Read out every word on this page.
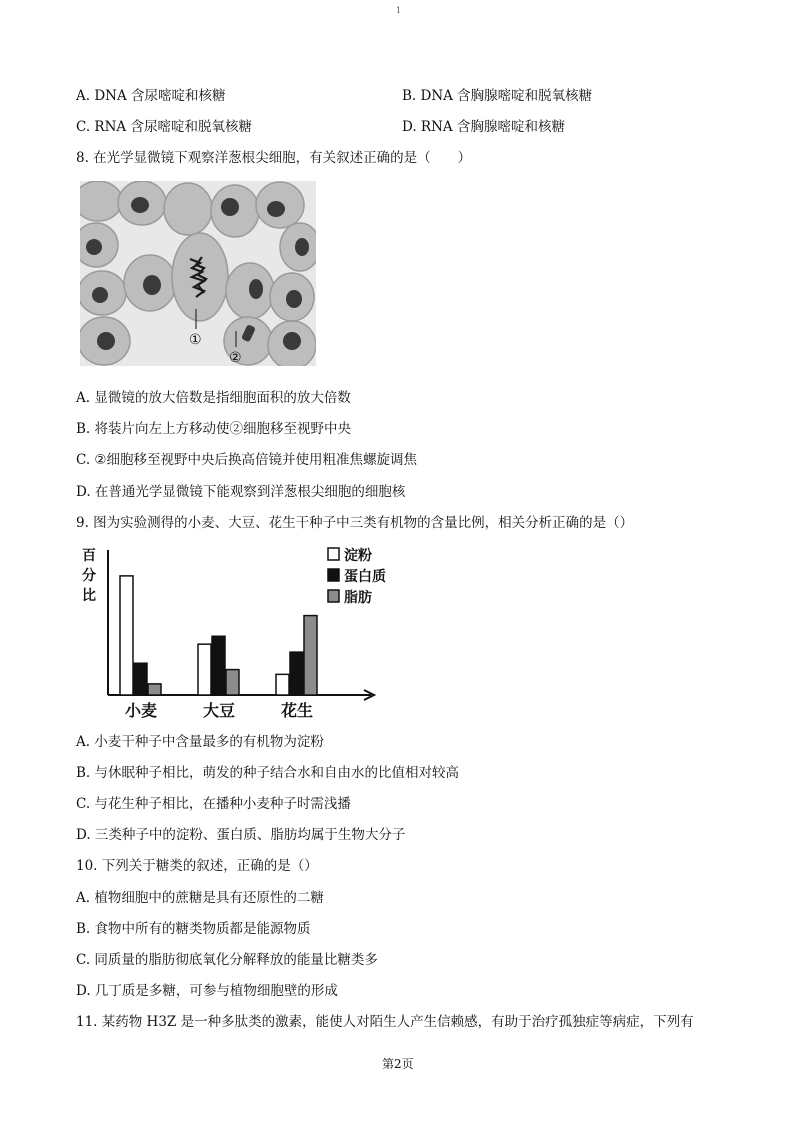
1
A. DNA 含尿嘧啶和核糖	B. DNA 含胸腺嘧啶和脱氧核糖
C. RNA 含尿嘧啶和脱氧核糖	D. RNA 含胸腺嘧啶和核糖
8. 在光学显微镜下观察洋葱根尖细胞，有关叙述正确的是（　　）
①
②
A. 显微镜的放大倍数是指细胞面积的放大倍数
B. 将装片向左上方移动使②细胞移至视野中央
C. ②细胞移至视野中央后换高倍镜并使用粗准焦螺旋调焦
D. 在普通光学显微镜下能观察到洋葱根尖细胞的细胞核
9. 图为实验测得的小麦、大豆、花生干种子中三类有机物的含量比例，相关分析正确的是（）
百
分
比
小麦	大豆	花生
淀粉
蛋白质
脂肪
A. 小麦干种子中含量最多的有机物为淀粉
B. 与休眠种子相比，萌发的种子结合水和自由水的比值相对较高
C. 与花生种子相比，在播种小麦种子时需浅播
D. 三类种子中的淀粉、蛋白质、脂肪均属于生物大分子
10. 下列关于糖类的叙述，正确的是（）
A. 植物细胞中的蔗糖是具有还原性的二糖
B. 食物中所有的糖类物质都是能源物质
C. 同质量的脂肪彻底氧化分解释放的能量比糖类多
D. 几丁质是多糖，可参与植物细胞壁的形成
11. 某药物 H3Z 是一种多肽类的激素，能使人对陌生人产生信赖感，有助于治疗孤独症等病症，下列有
第2页
